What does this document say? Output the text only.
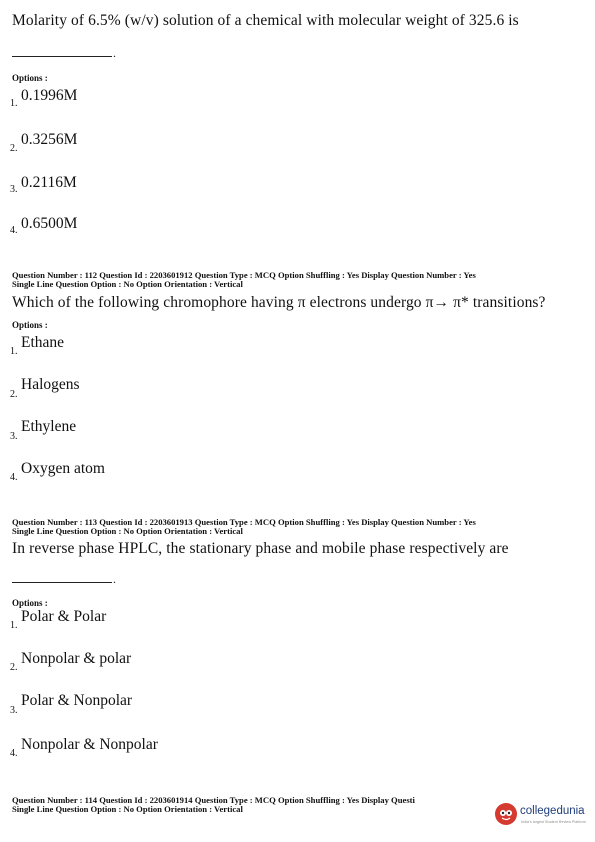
Molarity of 6.5% (w/v) solution of a chemical with molecular weight of 325.6 is
.
Options :
1. 0.1996M
2.
0.3256M
3. 0.2116M
4. 0.6500M
Question Number : 112 Question Id : 2203601912 Question Type : MCQ Option Shuffling : Yes Display Question Number : Yes
Single Line Question Option : No Option Orientation : Vertical
Which of the following chromophore having π electrons undergo π→ π* transitions?
Options :
1.
Ethane
2.
Halogens
3.
Ethylene
4.
Oxygen atom
Question Number : 113 Question Id : 2203601913 Question Type : MCQ Option Shuffling : Yes Display Question Number : Yes
Single Line Question Option : No Option Orientation : Vertical
In reverse phase HPLC, the stationary phase and mobile phase respectively are
.
Options :
1.
Polar & Polar
2.
Nonpolar & polar
3.
Polar & Nonpolar
4.
Nonpolar & Nonpolar
Question Number : 114 Question Id : 2203601914 Question Type : MCQ Option Shuffling : Yes Display Questi
Single Line Question Option : No Option Orientation : Vertical	collegedunia
India's largest Student Review Platform
